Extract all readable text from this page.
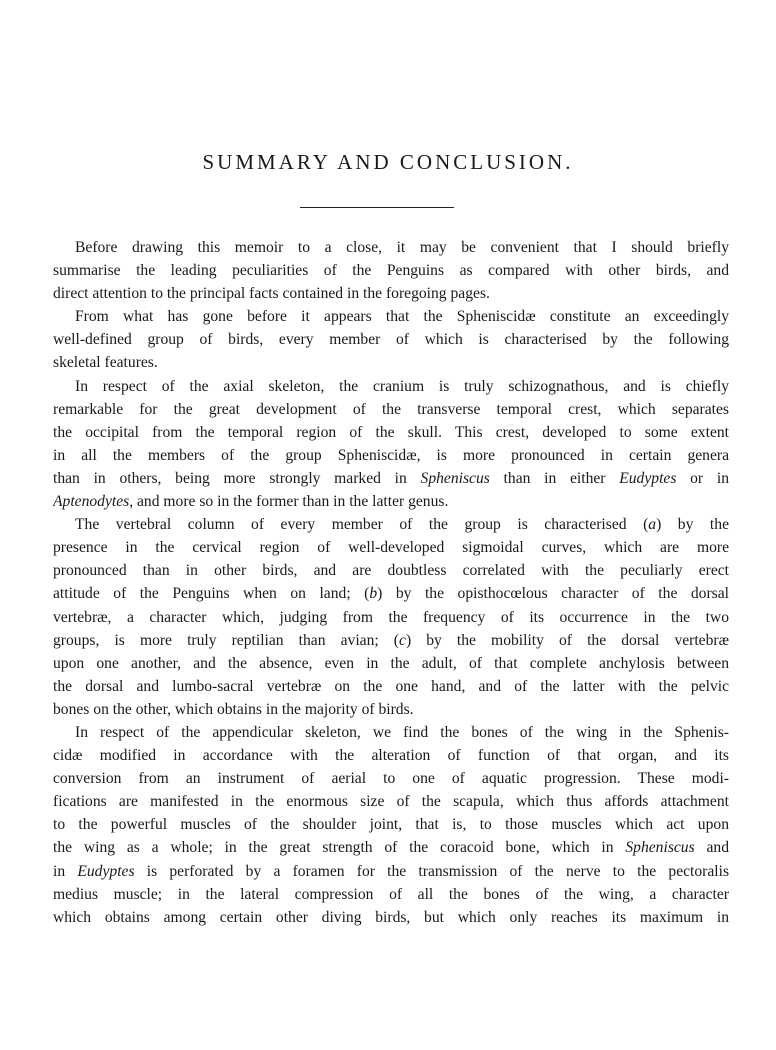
SUMMARY AND CONCLUSION.
Before drawing this memoir to a close, it may be convenient that I should briefly
summarise the leading peculiarities of the Penguins as compared with other birds, and
direct attention to the principal facts contained in the foregoing pages.
From what has gone before it appears that the Spheniscidæ constitute an exceedingly
well-defined group of birds, every member of which is characterised by the following
skeletal features.
In respect of the axial skeleton, the cranium is truly schizognathous, and is chiefly
remarkable for the great development of the transverse temporal crest, which separates
the occipital from the temporal region of the skull. This crest, developed to some extent
in all the members of the group Spheniscidæ, is more pronounced in certain genera
than in others, being more strongly marked in Spheniscus than in either Eudyptes or in
Aptenodytes, and more so in the former than in the latter genus.
The vertebral column of every member of the group is characterised (a) by the
presence in the cervical region of well-developed sigmoidal curves, which are more
pronounced than in other birds, and are doubtless correlated with the peculiarly erect
attitude of the Penguins when on land; (b) by the opisthocœlous character of the dorsal
vertebræ, a character which, judging from the frequency of its occurrence in the two
groups, is more truly reptilian than avian; (c) by the mobility of the dorsal vertebræ
upon one another, and the absence, even in the adult, of that complete anchylosis between
the dorsal and lumbo-sacral vertebræ on the one hand, and of the latter with the pelvic
bones on the other, which obtains in the majority of birds.
In respect of the appendicular skeleton, we find the bones of the wing in the Sphenis-
cidæ modified in accordance with the alteration of function of that organ, and its
conversion from an instrument of aerial to one of aquatic progression. These modi-
fications are manifested in the enormous size of the scapula, which thus affords attachment
to the powerful muscles of the shoulder joint, that is, to those muscles which act upon
the wing as a whole; in the great strength of the coracoid bone, which in Spheniscus and
in Eudyptes is perforated by a foramen for the transmission of the nerve to the pectoralis
medius muscle; in the lateral compression of all the bones of the wing, a character
which obtains among certain other diving birds, but which only reaches its maximum in
